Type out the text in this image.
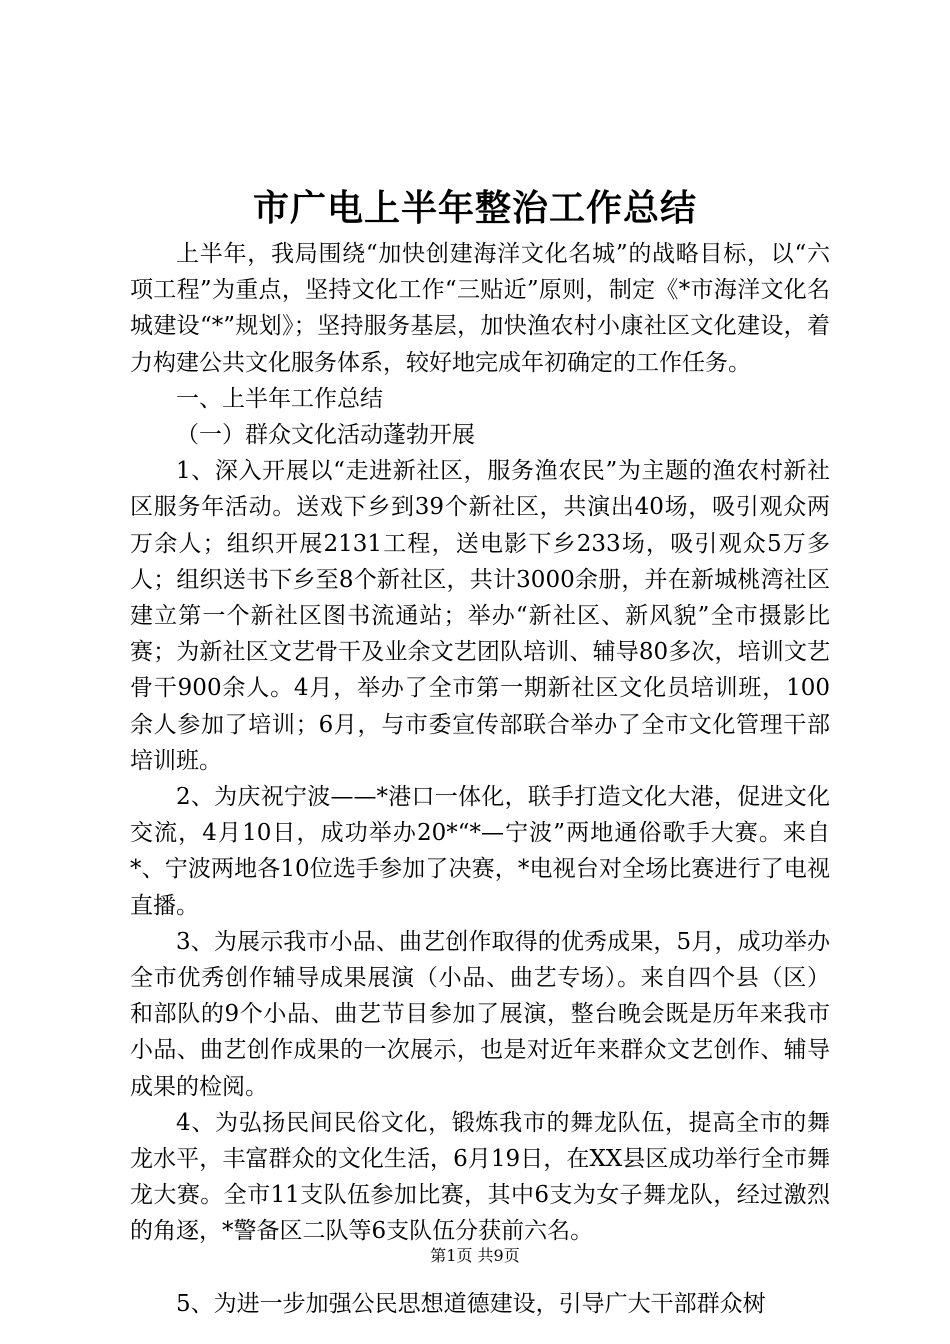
市广电上半年整治工作总结

上半年，我局围绕“加快创建海洋文化名城”的战略目标，以“六项工程”为重点，坚持文化工作“三贴近”原则，制定《*市海洋文化名城建设“*”规划》；坚持服务基层，加快渔农村小康社区文化建设，着力构建公共文化服务体系，较好地完成年初确定的工作任务。

一、上半年工作总结

（一）群众文化活动蓬勃开展

1、深入开展以“走进新社区，服务渔农民”为主题的渔农村新社区服务年活动。送戏下乡到39个新社区，共演出40场，吸引观众两万余人；组织开展2131工程，送电影下乡233场，吸引观众5万多人；组织送书下乡至8个新社区，共计3000余册，并在新城桃湾社区建立第一个新社区图书流通站；举办“新社区、新风貌”全市摄影比赛；为新社区文艺骨干及业余文艺团队培训、辅导80多次，培训文艺骨干900余人。4月，举办了全市第一期新社区文化员培训班，100余人参加了培训；6月，与市委宣传部联合举办了全市文化管理干部培训班。

2、为庆祝宁波——*港口一体化，联手打造文化大港，促进文化交流，4月10日，成功举办20*“*—宁波”两地通俗歌手大赛。来自*、宁波两地各10位选手参加了决赛，*电视台对全场比赛进行了电视直播。

3、为展示我市小品、曲艺创作取得的优秀成果，5月，成功举办全市优秀创作辅导成果展演（小品、曲艺专场）。来自四个县（区）和部队的9个小品、曲艺节目参加了展演，整台晚会既是历年来我市小品、曲艺创作成果的一次展示，也是对近年来群众文艺创作、辅导成果的检阅。

4、为弘扬民间民俗文化，锻炼我市的舞龙队伍，提高全市的舞龙水平，丰富群众的文化生活，6月19日，在XX县区成功举行全市舞龙大赛。全市11支队伍参加比赛，其中6支为女子舞龙队，经过激烈的角逐，*警备区二队等6支队伍分获前六名。

5、为进一步加强公民思想道德建设，引导广大干部群众树

第1页 共9页
